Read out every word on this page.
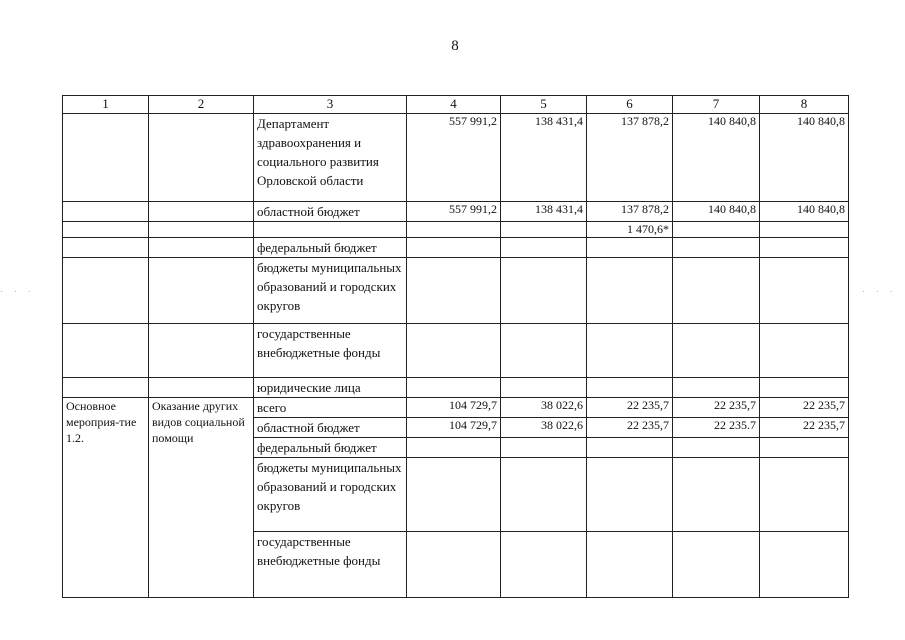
8
· · ·	· · ·
1	2	3	4	5	6	7	8
		Департамент здравоохранения и социального развития Орловской области	557 991,2	138 431,4	137 878,2	140 840,8	140 840,8
		областной бюджет	557 991,2	138 431,4	137 878,2	140 840,8	140 840,8
					1 470,6*		
		федеральный бюджет					
		бюджеты муниципальных образований и городских округов					
		государственные внебюджетные фонды					
		юридические лица					
Основное мероприя-тие 1.2.	Оказание других видов социальной помощи	всего	104 729,7	38 022,6	22 235,7	22 235,7	22 235,7
		областной бюджет	104 729,7	38 022,6	22 235,7	22 235.7	22 235,7
		федеральный бюджет					
		бюджеты муниципальных образований и городских округов					
		государственные внебюджетные фонды					
